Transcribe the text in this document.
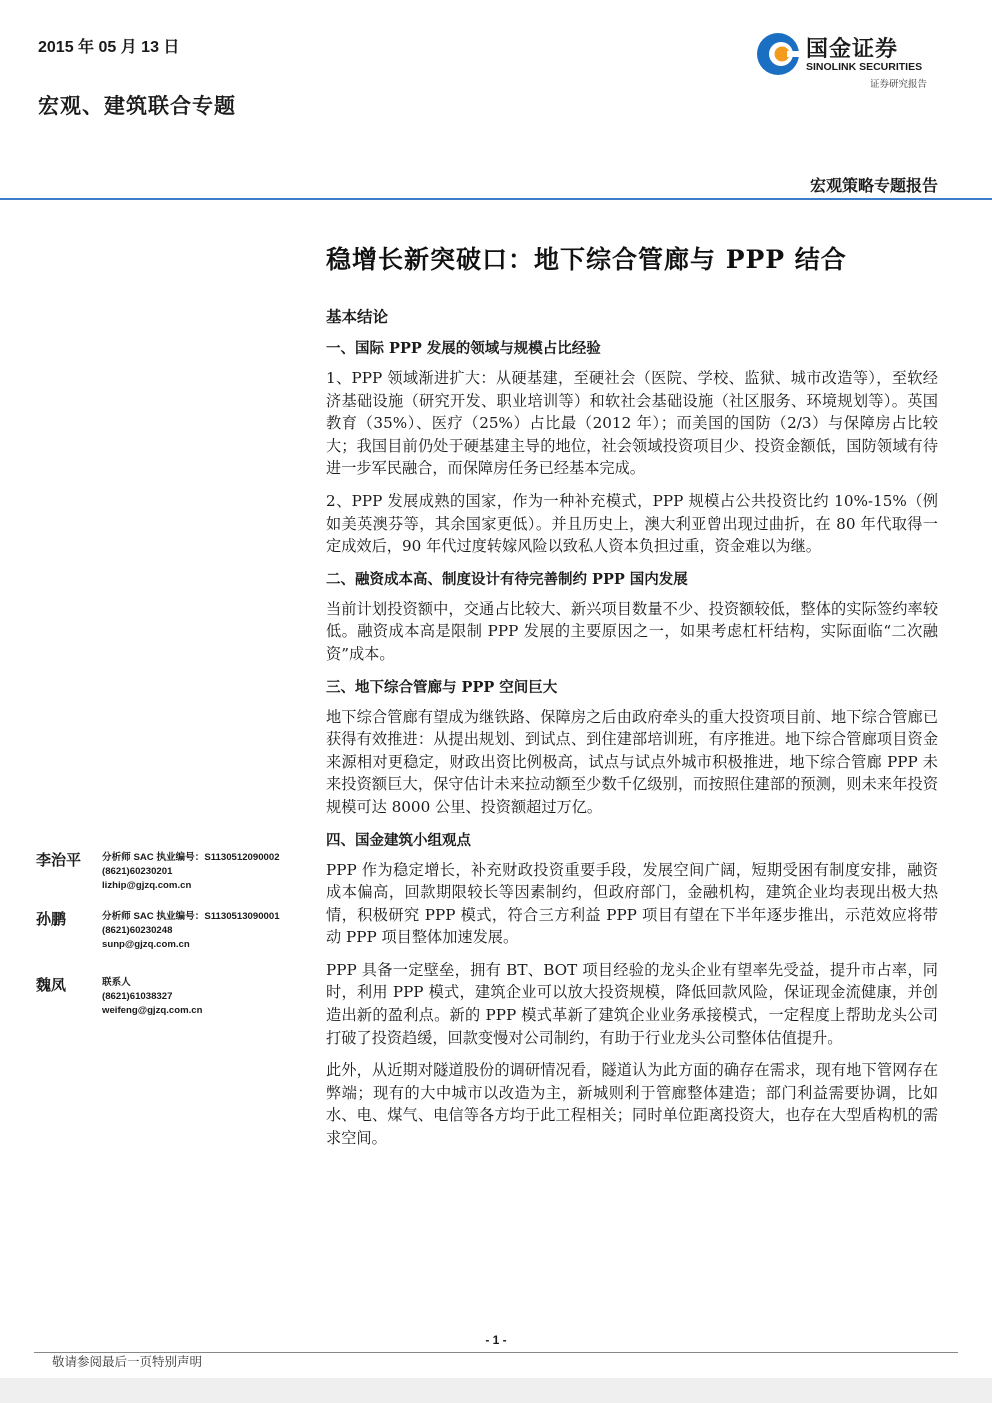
2015 年 05 月 13 日
宏观、建筑联合专题
国金证券
SINOLINK SECURITIES
证券研究报告
宏观策略专题报告
稳增长新突破口：地下综合管廊与 PPP 结合
基本结论
一、国际 PPP 发展的领域与规模占比经验
1、PPP 领域渐进扩大：从硬基建，至硬社会（医院、学校、监狱、城市改造等），至软经济基础设施（研究开发、职业培训等）和软社会基础设施（社区服务、环境规划等）。英国教育（35%）、医疗（25%）占比最（2012 年）；而美国的国防（2/3）与保障房占比较大；我国目前仍处于硬基建主导的地位，社会领域投资项目少、投资金额低，国防领域有待进一步军民融合，而保障房任务已经基本完成。
2、PPP 发展成熟的国家，作为一种补充模式，PPP 规模占公共投资比约 10%-15%（例如美英澳芬等，其余国家更低）。并且历史上，澳大利亚曾出现过曲折，在 80 年代取得一定成效后，90 年代过度转嫁风险以致私人资本负担过重，资金难以为继。
二、融资成本高、制度设计有待完善制约 PPP 国内发展
当前计划投资额中，交通占比较大、新兴项目数量不少、投资额较低，整体的实际签约率较低。融资成本高是限制 PPP 发展的主要原因之一，如果考虑杠杆结构，实际面临“二次融资”成本。
三、地下综合管廊与 PPP 空间巨大
地下综合管廊有望成为继铁路、保障房之后由政府牵头的重大投资项目前、地下综合管廊已获得有效推进：从提出规划、到试点、到住建部培训班，有序推进。地下综合管廊项目资金来源相对更稳定，财政出资比例极高，试点与试点外城市积极推进，地下综合管廊 PPP 未来投资额巨大，保守估计未来拉动额至少数千亿级别，而按照住建部的预测，则未来年投资规模可达 8000 公里、投资额超过万亿。
四、国金建筑小组观点
PPP 作为稳定增长，补充财政投资重要手段，发展空间广阔，短期受困有制度安排，融资成本偏高，回款期限较长等因素制约，但政府部门，金融机构，建筑企业均表现出极大热情，积极研究 PPP 模式，符合三方利益 PPP 项目有望在下半年逐步推出，示范效应将带动 PPP 项目整体加速发展。
PPP 具备一定壁垒，拥有 BT、BOT 项目经验的龙头企业有望率先受益，提升市占率，同时，利用 PPP 模式，建筑企业可以放大投资规模，降低回款风险，保证现金流健康，并创造出新的盈利点。新的 PPP 模式革新了建筑企业业务承接模式，一定程度上帮助龙头公司打破了投资趋缓，回款变慢对公司制约，有助于行业龙头公司整体估值提升。
此外，从近期对隧道股份的调研情况看，隧道认为此方面的确存在需求，现有地下管网存在弊端；现有的大中城市以改造为主，新城则利于管廊整体建造；部门利益需要协调，比如水、电、煤气、电信等各方均于此工程相关；同时单位距离投资大，也存在大型盾构机的需求空间。
李治平 分析师 SAC 执业编号：S1130512090002
(8621)60230201
lizhip@gjzq.com.cn
孙鹏	分析师 SAC 执业编号：S1130513090001
(8621)60230248
sunp@gjzq.com.cn
魏凤	联系人
(8621)61038327
weifeng@gjzq.com.cn
- 1 -
敬请参阅最后一页特别声明
